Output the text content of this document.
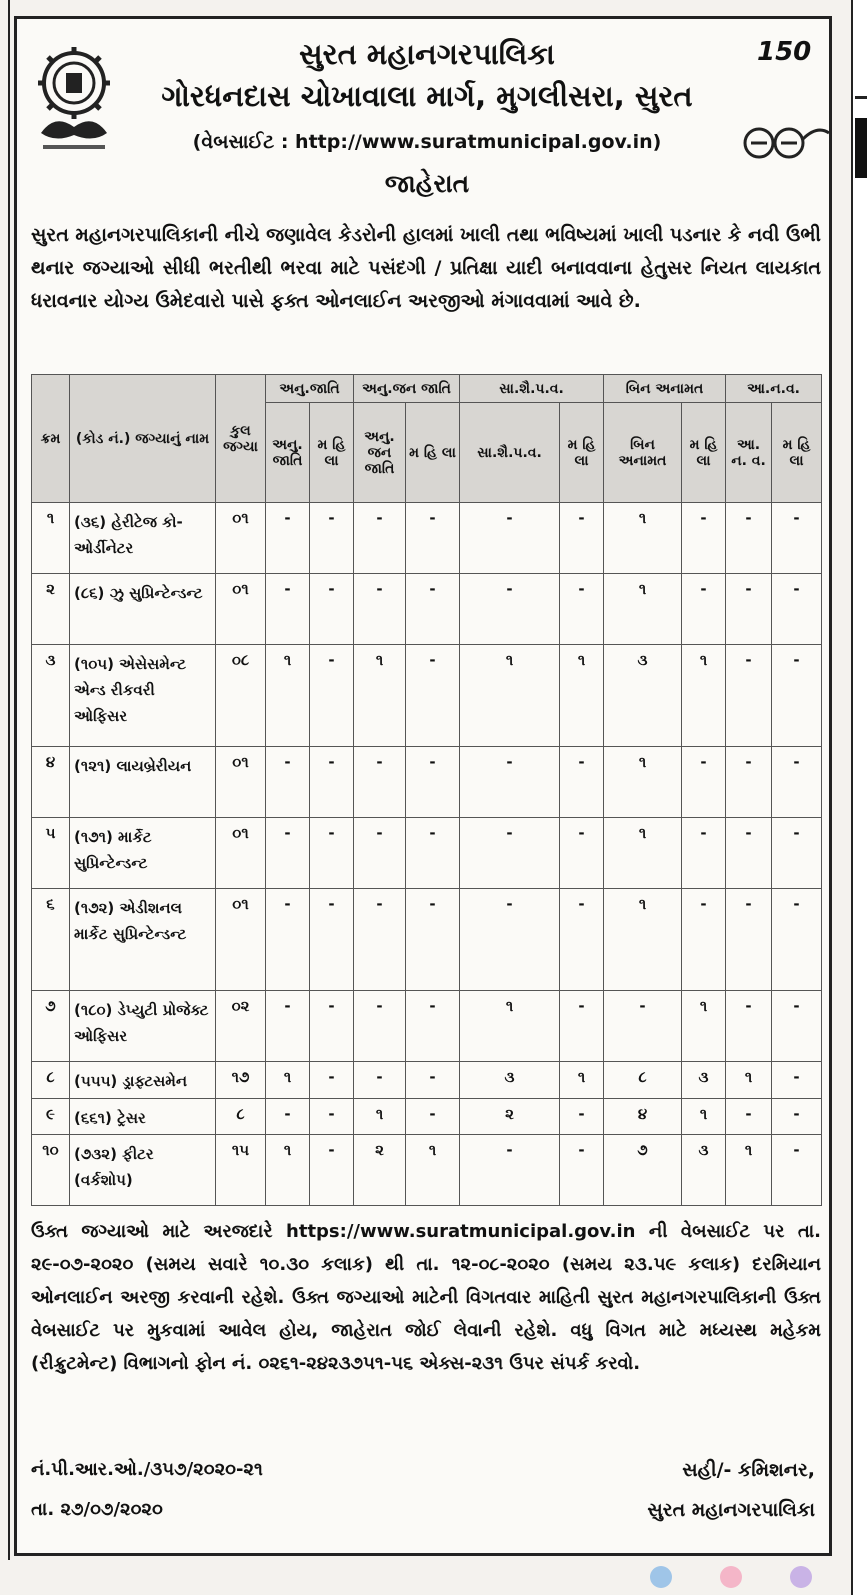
150
સુરત મહાનગરપાલિકા
ગોરધનદાસ ચોખાવાલા માર્ગ, મુગલીસરા, સુરત
(વેબસાઈટ : http://www.suratmunicipal.gov.in)
જાહેરાત
સુરત મહાનગરપાલિકાની નીચે જણાવેલ કેડરોની હાલમાં ખાલી તથા ભવિષ્યમાં ખાલી પડનાર કે નવી ઉભી થનાર જગ્યાઓ સીધી ભરતીથી ભરવા માટે પસંદગી / પ્રતિક્ષા યાદી બનાવવાના હેતુસર નિયત લાયકાત ધરાવનાર યોગ્ય ઉમેદવારો પાસે ફક્ત ઓનલાઈન અરજીઓ મંગાવવામાં આવે છે.
ક્રમ	(કોડ નં.) જગ્યાનું નામ	કુલ જગ્યા	અનુ.જાતિ		અનુ.જન જાતિ		સા.શૈ.પ.વ.		બિન અનામત		આ.ન.વ.	
			અનુ. જાતિ	મ હિ લા	અનુ. જન જાતિ	મ હિ લા	સા.શૈ.પ.વ.	મ હિ લા	બિન અનામત	મ હિ લા	આ. ન. વ.	મ હિ લા
૧	(૩૬) હેરીટેજ કો-ઓર્ડીનેટર	૦૧	-	-	-	-	-	-	૧	-	-	-
૨	(૮૬) ઝુ સુપ્રિન્ટેન્ડન્ટ	૦૧	-	-	-	-	-	-	૧	-	-	-
૩	(૧૦૫) એસેસમેન્ટ એન્ડ રીકવરી ઓફિસર	૦૮	૧	-	૧	-	૧	૧	૩	૧	-	-
૪	(૧૨૧) લાયબ્રેરીયન	૦૧	-	-	-	-	-	-	૧	-	-	-
૫	(૧૭૧) માર્કેટ સુપ્રિન્ટેન્ડન્ટ	૦૧	-	-	-	-	-	-	૧	-	-	-
૬	(૧૭૨) એડીશનલ માર્કેટ સુપ્રિન્ટેન્ડન્ટ	૦૧	-	-	-	-	-	-	૧	-	-	-
૭	(૧૮૦) ડેપ્યુટી પ્રોજેક્ટ ઓફિસર	૦૨	-	-	-	-	૧	-	-	૧	-	-
૮	(૫૫૫) ડ્રાફ્ટસમેન	૧૭	૧	-	-	-	૩	૧	૮	૩	૧	-
૯	(૬૬૧) ટ્રેસર	૮	-	-	૧	-	૨	-	૪	૧	-	-
૧૦	(૭૩૨) ફીટર (વર્કશોપ)	૧૫	૧	-	૨	૧	-	-	૭	૩	૧	-
ઉક્ત જગ્યાઓ માટે અરજદારે https://www.suratmunicipal.gov.in ની વેબસાઈટ પર તા. ૨૯-૦૭-૨૦૨૦ (સમય સવારે ૧૦.૩૦ કલાક) થી તા. ૧૨-૦૮-૨૦૨૦ (સમય ૨૩.૫૯ કલાક) દરમિયાન ઓનલાઈન અરજી કરવાની રહેશે. ઉક્ત જગ્યાઓ માટેની વિગતવાર માહિતી સુરત મહાનગરપાલિકાની ઉક્ત વેબસાઈટ પર મુકવામાં આવેલ હોય, જાહેરાત જોઈ લેવાની રહેશે. વધુ વિગત માટે મધ્યસ્થ મહેકમ (રીક્રુટમેન્ટ) વિભાગનો ફોન નં. ૦૨૬૧-૨૪૨૩૭૫૧-૫૬ એક્સ-૨૩૧ ઉપર સંપર્ક કરવો.
નં.પી.આર.ઓ./૩૫૭/૨૦૨૦-૨૧
તા. ૨૭/૦૭/૨૦૨૦
સહી/- કમિશનર,
સુરત મહાનગરપાલિકા
